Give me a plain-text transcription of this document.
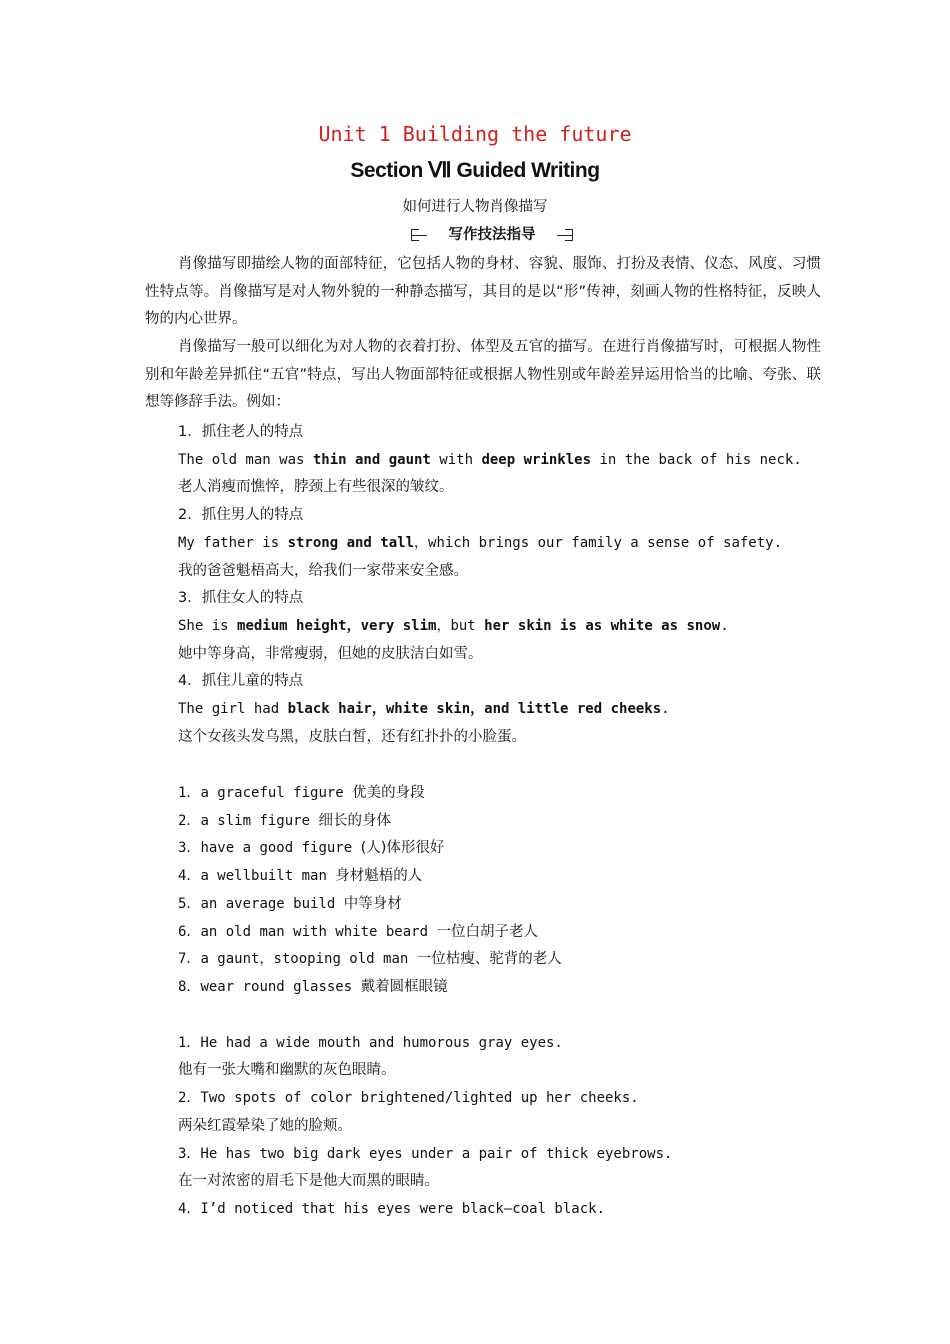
Unit 1 Building the future
Section Ⅶ Guided Writing
如何进行人物肖像描写
写作技法指导

肖像描写即描绘人物的面部特征，它包括人物的身材、容貌、服饰、打扮及表情、仪态、风度、习惯性特点等。肖像描写是对人物外貌的一种静态描写，其目的是以“形”传神，刻画人物的性格特征，反映人物的内心世界。

肖像描写一般可以细化为对人物的衣着打扮、体型及五官的描写。在进行肖像描写时，可根据人物性别和年龄差异抓住“五官”特点，写出人物面部特征或根据人物性别或年龄差异运用恰当的比喻、夸张、联想等修辞手法。例如：

1．抓住老人的特点
The old man was thin and gaunt with deep wrinkles in the back of his neck.
老人消瘦而憔悴，脖颈上有些很深的皱纹。
2．抓住男人的特点
My father is strong and tall，which brings our family a sense of safety.
我的爸爸魁梧高大，给我们一家带来安全感。
3．抓住女人的特点
She is medium height，very slim，but her skin is as white as snow.
她中等身高，非常瘦弱，但她的皮肤洁白如雪。
4．抓住儿童的特点
The girl had black hair，white skin，and little red cheeks.
这个女孩头发乌黑，皮肤白皙，还有红扑扑的小脸蛋。
1．a graceful figure 优美的身段
2．a slim figure 细长的身体
3．have a good figure (人)体形很好
4．a wellbuilt man 身材魁梧的人
5．an average build 中等身材
6．an old man with white beard 一位白胡子老人
7．a gaunt，stooping old man 一位枯瘦、驼背的老人
8．wear round glasses 戴着圆框眼镜
1．He had a wide mouth and humorous gray eyes.
他有一张大嘴和幽默的灰色眼睛。
2．Two spots of color brightened/lighted up her cheeks.
两朵红霞晕染了她的脸颊。
3．He has two big dark eyes under a pair of thick eyebrows.
在一对浓密的眉毛下是他大而黑的眼睛。
4．I’d noticed that his eyes were black—coal black.
